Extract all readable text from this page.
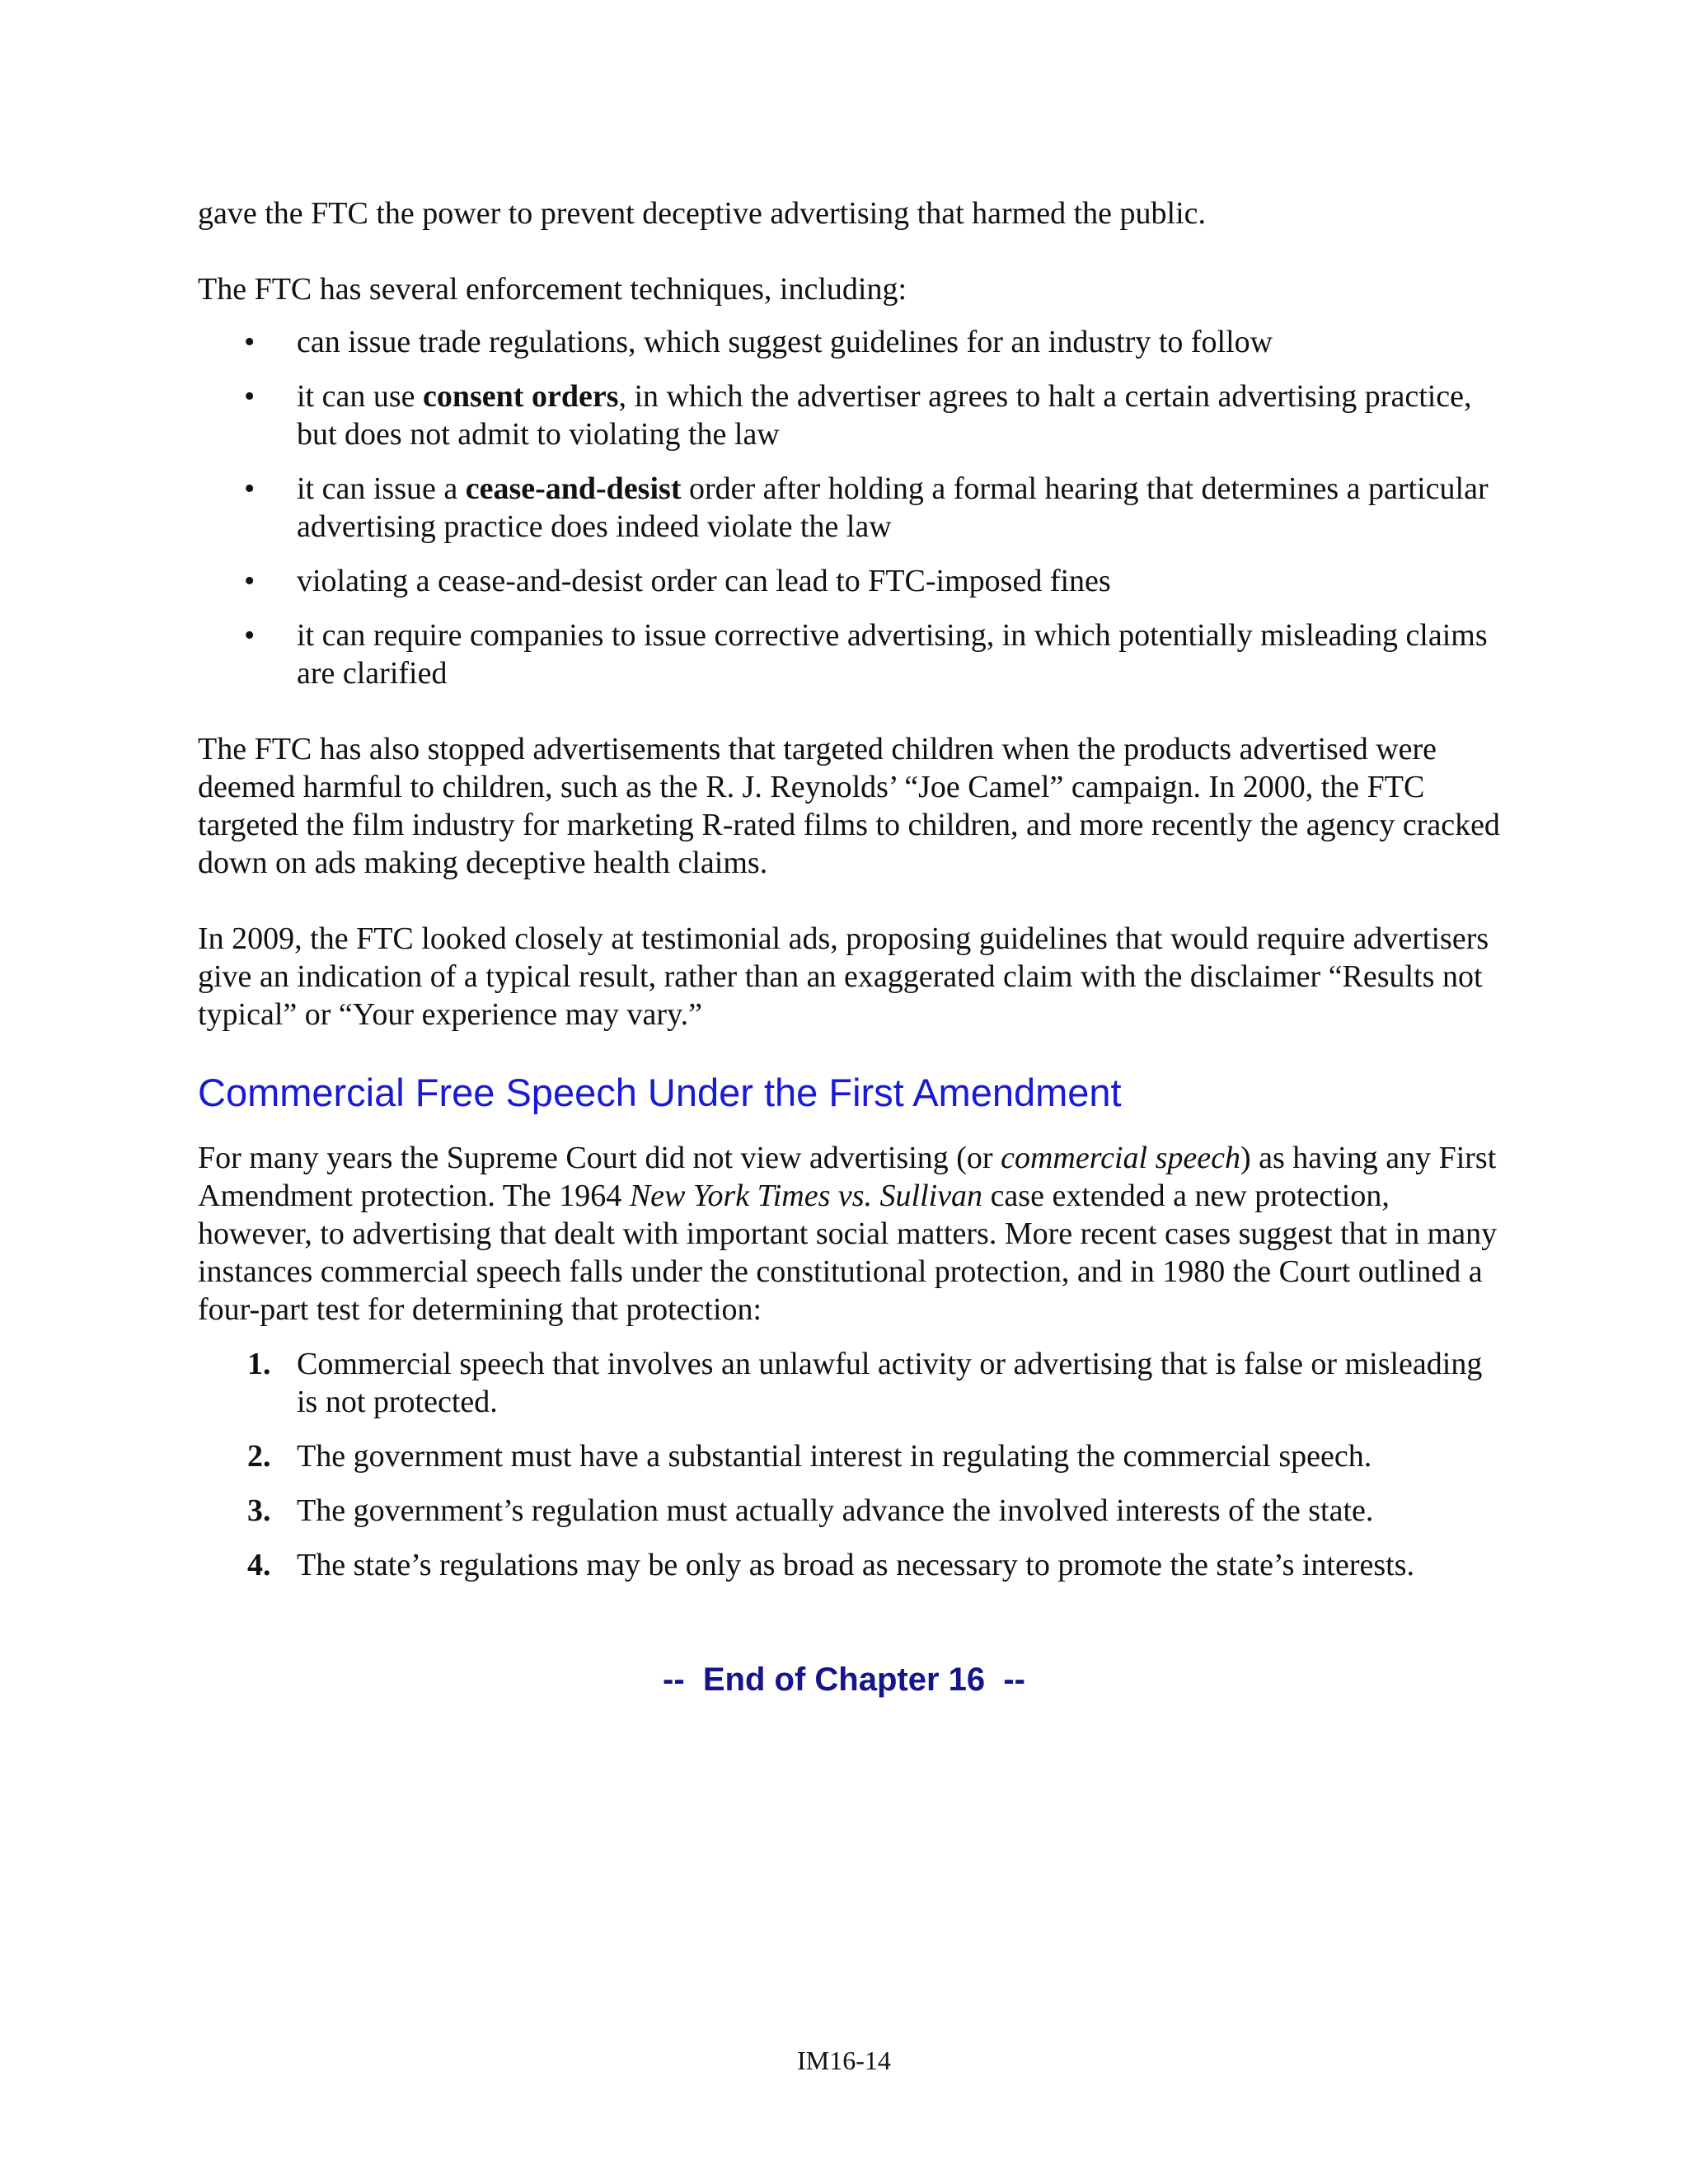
gave the FTC the power to prevent deceptive advertising that harmed the public.

The FTC has several enforcement techniques, including:

• can issue trade regulations, which suggest guidelines for an industry to follow
• it can use consent orders, in which the advertiser agrees to halt a certain advertising practice, but does not admit to violating the law
• it can issue a cease-and-desist order after holding a formal hearing that determines a particular advertising practice does indeed violate the law
• violating a cease-and-desist order can lead to FTC-imposed fines
• it can require companies to issue corrective advertising, in which potentially misleading claims are clarified

The FTC has also stopped advertisements that targeted children when the products advertised were deemed harmful to children, such as the R. J. Reynolds’ “Joe Camel” campaign. In 2000, the FTC targeted the film industry for marketing R-rated films to children, and more recently the agency cracked down on ads making deceptive health claims.

In 2009, the FTC looked closely at testimonial ads, proposing guidelines that would require advertisers give an indication of a typical result, rather than an exaggerated claim with the disclaimer “Results not typical” or “Your experience may vary.”

Commercial Free Speech Under the First Amendment

For many years the Supreme Court did not view advertising (or commercial speech) as having any First Amendment protection. The 1964 New York Times vs. Sullivan case extended a new protection, however, to advertising that dealt with important social matters. More recent cases suggest that in many instances commercial speech falls under the constitutional protection, and in 1980 the Court outlined a four-part test for determining that protection:

1. Commercial speech that involves an unlawful activity or advertising that is false or misleading is not protected.
2. The government must have a substantial interest in regulating the commercial speech.
3. The government’s regulation must actually advance the involved interests of the state.
4. The state’s regulations may be only as broad as necessary to promote the state’s interests.
--  End of Chapter 16  --
IM16-14
